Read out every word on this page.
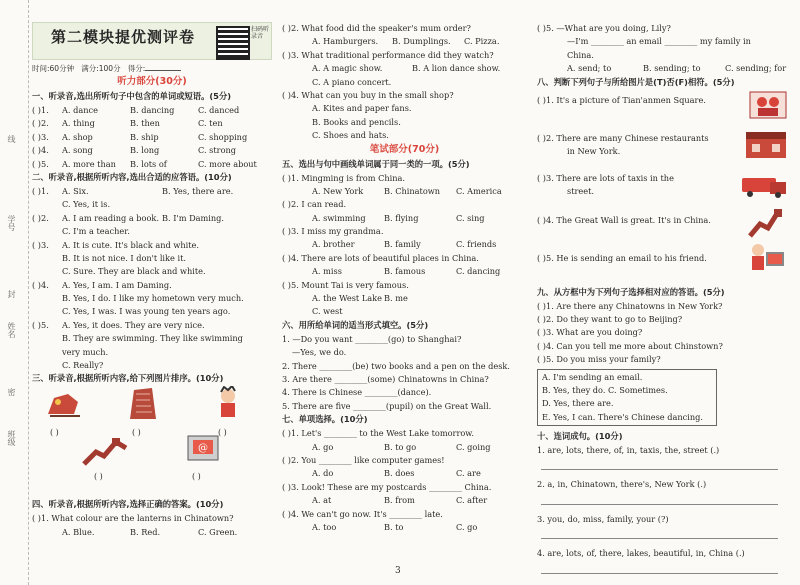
线
学号
封
姓名
密
班级
第二模块提优测评卷	扫码听录音
时间:60分钟 满分:100分 得分:
听力部分(30分)
一、听录音,选出所听句子中包含的单词或短语。(5分)
( )1. A. dance	B. dancing	C. danced
( )2. A. thing	B. then	C. ten
( )3. A. shop	B. ship	C. shopping
( )4. A. song	B. long	C. strong
( )5. A. more than B. lots of	C. more about
二、听录音,根据所听内容,选出合适的应答语。(10分)
( )1. A. Six.	B. Yes, there are.
C. Yes, it is.
( )2. A. I am reading a book. B. I'm Daming.
C. I'm a teacher.
( )3. A. It is cute. It's black and white.
B. It is not nice. I don't like it.
C. Sure. They are black and white.
( )4. A. Yes, I am. I am Daming.
B. Yes, I do. I like my hometown very much.
C. Yes, I was. I was young ten years ago.
( )5. A. Yes, it does. They are very nice.
B. They are swimming. They like swimming
very much.
C. Really?
三、听录音,根据所听内容,给下列图片排序。(10分)
( )	( )	( )
@
( )	( )
四、听录音,根据所听内容,选择正确的答案。(10分)
( )1. What colour are the lanterns in Chinatown?
A. Blue.	B. Red.	C. Green.
( )2. What food did the speaker's mum order?
A. Hamburgers. B. Dumplings. C. Pizza.
( )3. What traditional performance did they watch?
A. A magic show.	B. A lion dance show.
C. A piano concert.
( )4. What can you buy in the small shop?
A. Kites and paper fans.
B. Books and pencils.
C. Shoes and hats.
笔试部分(70分)
五、选出与句中画线单词属于同一类的一项。(5分)
( )1. Mingming is from China.
A. New York	B. Chinatown C. America
( )2. I can read.
A. swimming B. flying	C. sing
( )3. I miss my grandma.
A. brother	B. family	C. friends
( )4. There are lots of beautiful places in China.
A. miss	B. famous	C. dancing
( )5. Mount Tai is very famous.
A. the West Lake B. me
C. west
六、用所给单词的适当形式填空。(5分)
1. —Do you want ________(go) to Shanghai?
—Yes, we do.
2. There ________(be) two books and a pen on the desk.
3. Are there ________(some) Chinatowns in China?
4. There is Chinese ________(dance).
5. There are five ________(pupil) on the Great Wall.
七、单项选择。(10分)
( )1. Let's ________ to the West Lake tomorrow.
A. go	B. to go	C. going
( )2. You ________ like computer games!
A. do	B. does	C. are
( )3. Look! These are my postcards ________ China.
A. at	B. from	C. after
( )4. We can't go now. It's ________ late.
A. too	B. to	C. go
( )5. —What are you doing, Lily?
—I'm ________ an email ________ my family in
China.
A. send; to	B. sending; to	C. sending; for
八、判断下列句子与所给图片是(T)否(F)相符。(5分)
( )1. It's a picture of Tian'anmen Square.
( )2. There are many Chinese restaurants
in New York.
( )3. There are lots of taxis in the
street.
( )4. The Great Wall is great. It's in China.
( )5. He is sending an email to his friend.
九、从方框中为下列句子选择相对应的答语。(5分)
( )1. Are there any Chinatowns in New York?
( )2. Do they want to go to Beijing?
( )3. What are you doing?
( )4. Can you tell me more about Chinstown?
( )5. Do you miss your family?
A. I'm sending an email.
B. Yes, they do. C. Sometimes.
D. Yes, there are.
E. Yes, I can. There's Chinese dancing.
十、连词成句。(10分)
1. are, lots, there, of, in, taxis, the, street (.)
2. a, in, Chinatown, there's, New York (.)
3. you, do, miss, family, your (?)
4. are, lots, of, there, lakes, beautiful, in, China (.)
3
